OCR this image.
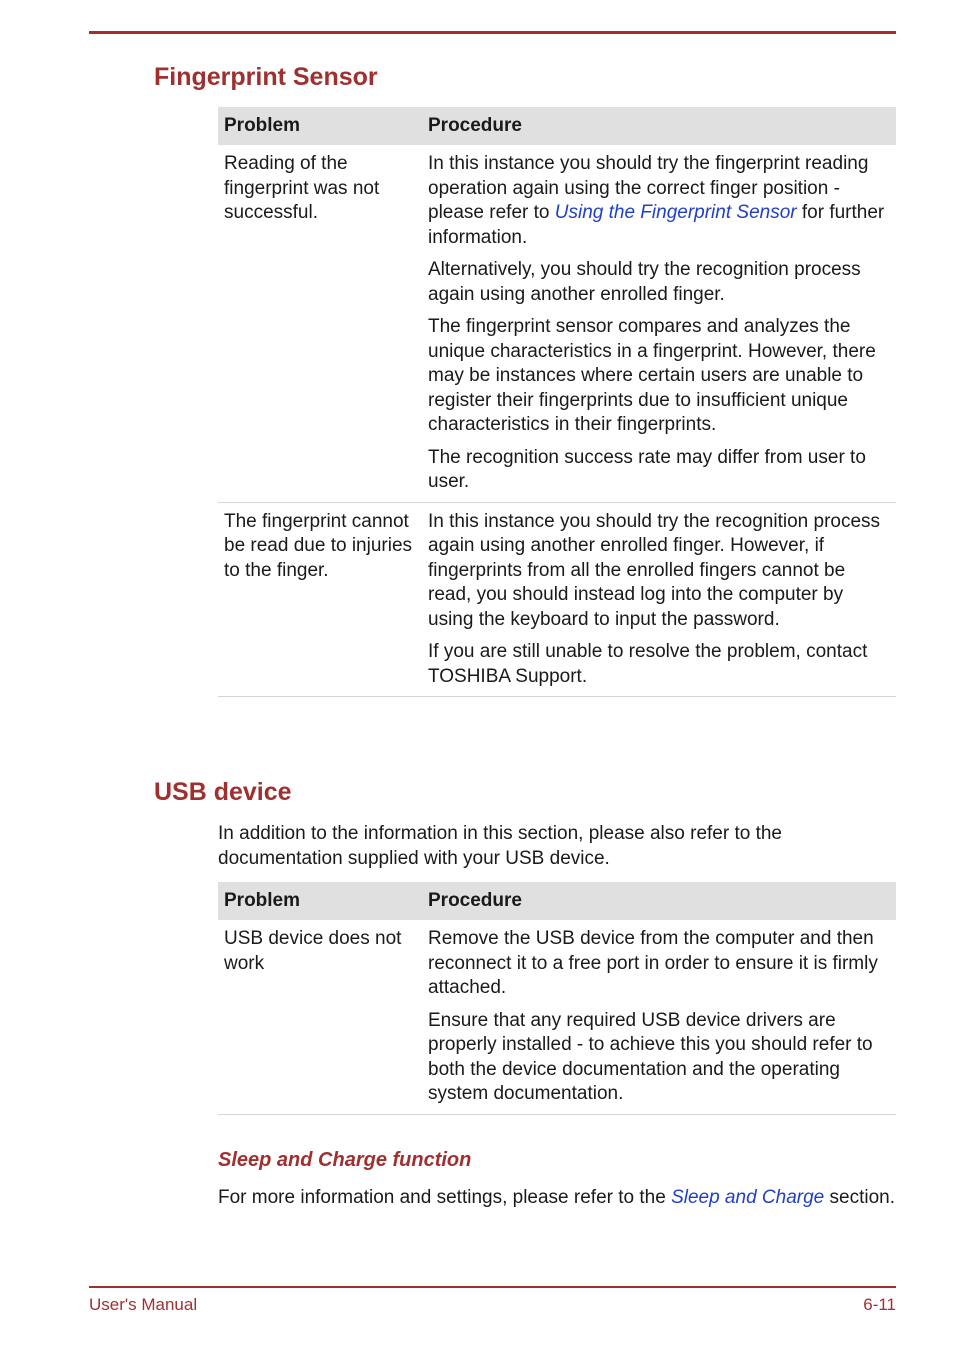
Fingerprint Sensor
Problem	Procedure
Reading of the fingerprint was not successful.	In this instance you should try the fingerprint reading operation again using the correct finger position - please refer to Using the Fingerprint Sensor for further information.

Alternatively, you should try the recognition process again using another enrolled finger.

The fingerprint sensor compares and analyzes the unique characteristics in a fingerprint. However, there may be instances where certain users are unable to register their fingerprints due to insufficient unique characteristics in their fingerprints.

The recognition success rate may differ from user to user.

The fingerprint cannot be read due to injuries to the finger.	In this instance you should try the recognition process again using another enrolled finger. However, if fingerprints from all the enrolled fingers cannot be read, you should instead log into the computer by using the keyboard to input the password.

If you are still unable to resolve the problem, contact TOSHIBA Support.

USB device

In addition to the information in this section, please also refer to the documentation supplied with your USB device.

Problem	Procedure
USB device does not work	Remove the USB device from the computer and then reconnect it to a free port in order to ensure it is firmly attached.

Ensure that any required USB device drivers are properly installed - to achieve this you should refer to both the device documentation and the operating system documentation.

Sleep and Charge function

For more information and settings, please refer to the Sleep and Charge section.

User's Manual	6-11
